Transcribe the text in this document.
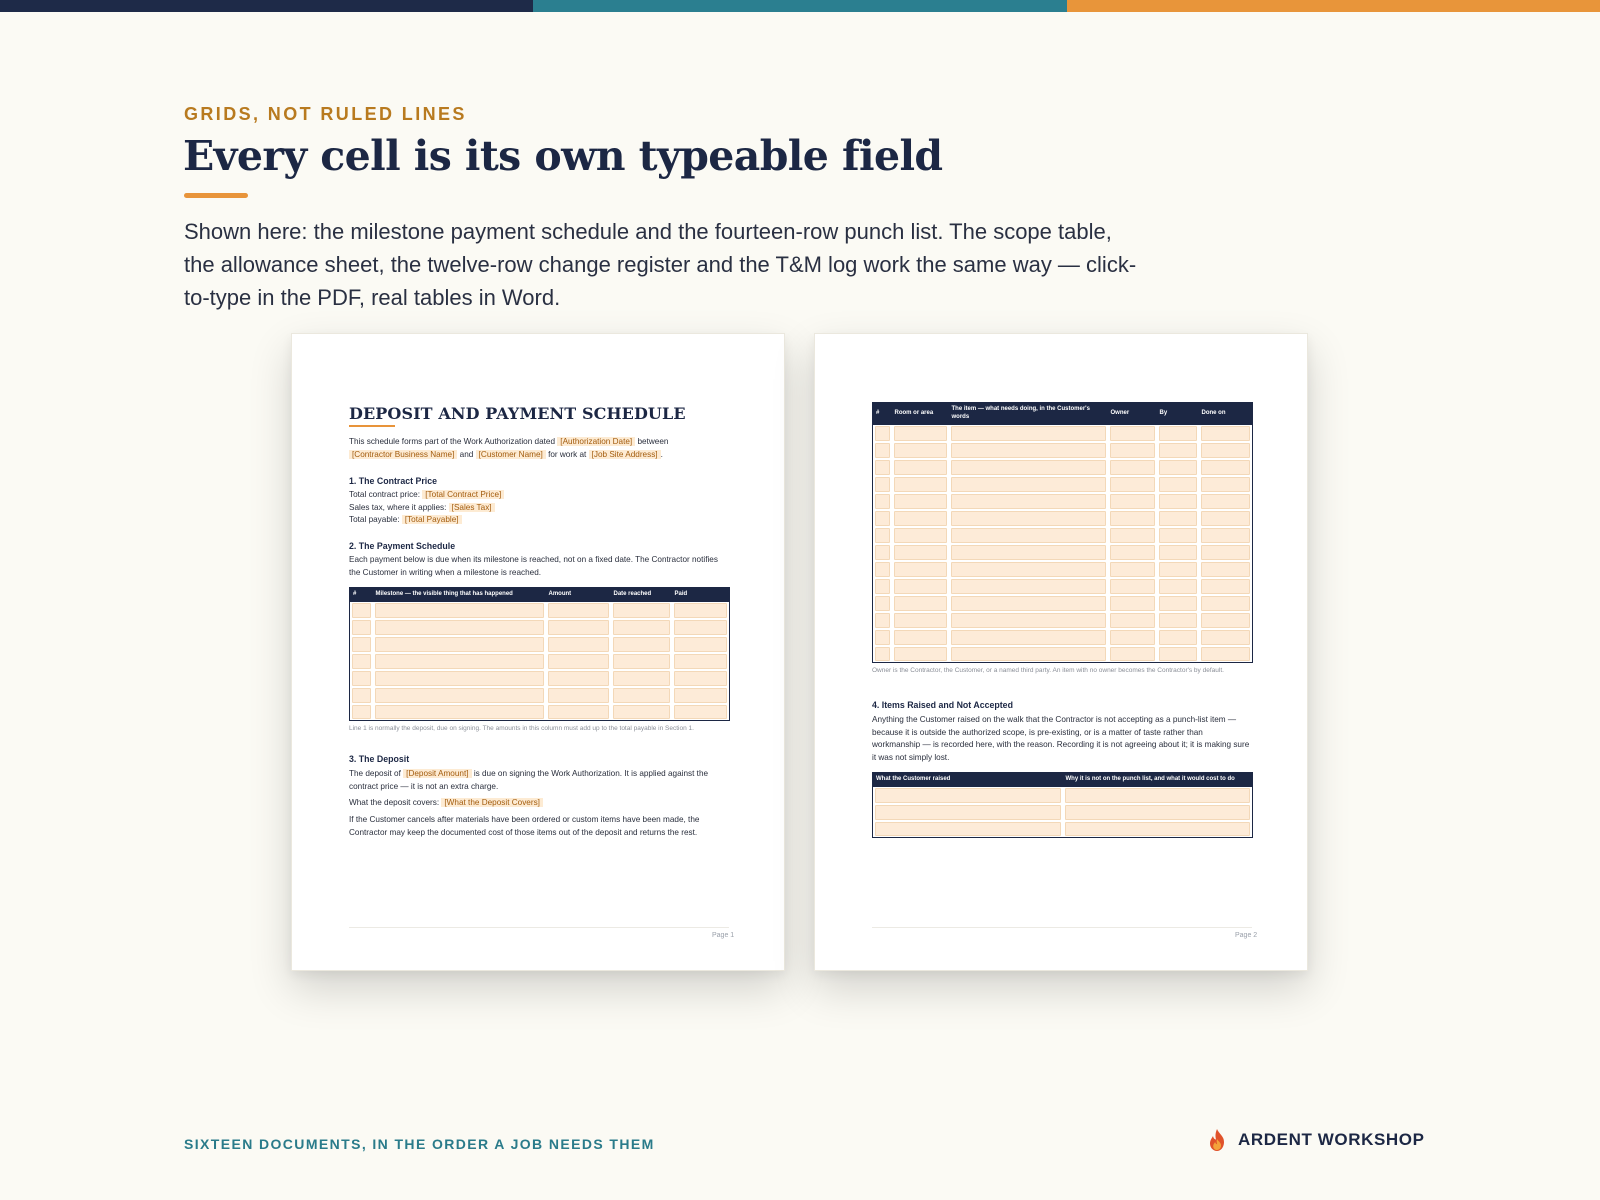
GRIDS, NOT RULED LINES
Every cell is its own typeable field
Shown here: the milestone payment schedule and the fourteen-row punch list. The scope table, the allowance sheet, the twelve-row change register and the T&M log work the same way — click-to-type in the PDF, real tables in Word.
DEPOSIT AND PAYMENT SCHEDULE
This schedule forms part of the Work Authorization dated [Authorization Date] between
[Contractor Business Name] and [Customer Name] for work at [Job Site Address] .
1. The Contract Price
Total contract price: [Total Contract Price]
Sales tax, where it applies: [Sales Tax]
Total payable: [Total Payable]
2. The Payment Schedule
Each payment below is due when its milestone is reached, not on a fixed date. The Contractor notifies the Customer in writing when a milestone is reached.
#	Milestone — the visible thing that has happened	Amount	Date reached	Paid

Line 1 is normally the deposit, due on signing. The amounts in this column must add up to the total payable in Section 1.
3. The Deposit
The deposit of [Deposit Amount] is due on signing the Work Authorization. It is applied against the contract price — it is not an extra charge.
What the deposit covers: [What the Deposit Covers]
If the Customer cancels after materials have been ordered or custom items have been made, the Contractor may keep the documented cost of those items out of the deposit and returns the rest.
Page 1
#	Room or area	The item — what needs doing, in the Customer's words	Owner	By	Done on

Owner is the Contractor, the Customer, or a named third party. An item with no owner becomes the Contractor's by default.
4. Items Raised and Not Accepted
Anything the Customer raised on the walk that the Contractor is not accepting as a punch-list item — because it is outside the authorized scope, is pre-existing, or is a matter of taste rather than workmanship — is recorded here, with the reason. Recording it is not agreeing about it; it is making sure it was not simply lost.
What the Customer raised	Why it is not on the punch list, and what it would cost to do

Page 2
SIXTEEN DOCUMENTS, IN THE ORDER A JOB NEEDS THEM	ARDENT WORKSHOP
